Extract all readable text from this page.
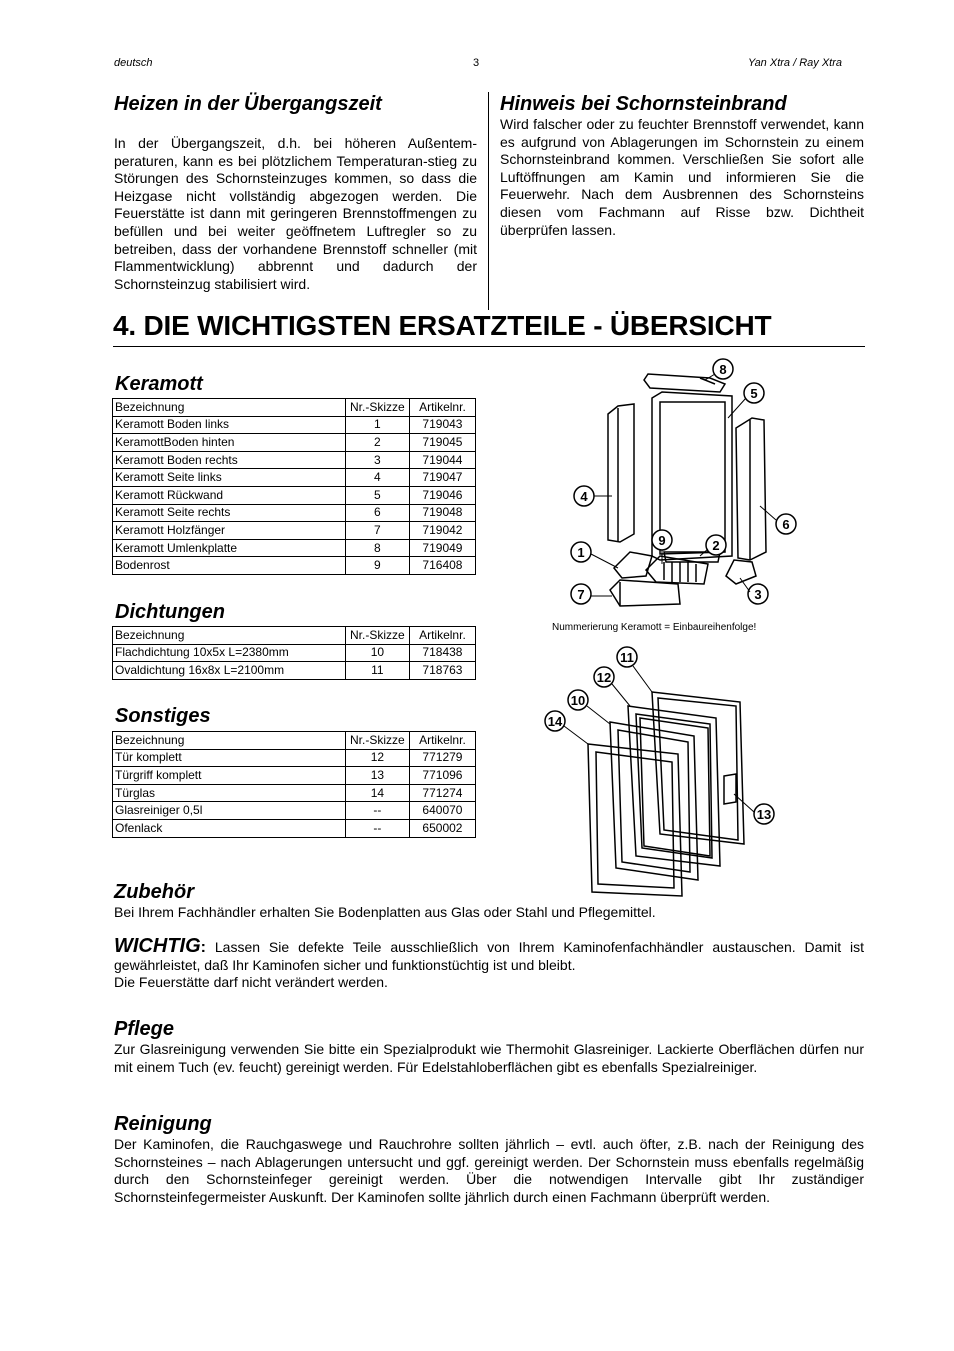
deutsch	3	Yan Xtra / Ray Xtra
Heizen in der Übergangszeit

In der Übergangszeit, d.h. bei höheren Außentem-peraturen, kann es bei plötzlichem Temperaturan-stieg zu Störungen des Schornsteinzuges kommen, so dass die Heizgase nicht vollständig abgezogen werden. Die Feuerstätte ist dann mit geringeren Brennstoffmengen zu befüllen und bei weiter geöffnetem Luftregler so zu betreiben, dass der vorhandene Brennstoff schneller (mit Flammentwicklung) abbrennt und dadurch der Schornsteinzug stabilisiert wird.

Hinweis bei Schornsteinbrand

Wird falscher oder zu feuchter Brennstoff verwendet, kann es aufgrund von Ablagerungen im Schornstein zu einem Schornsteinbrand kommen. Verschließen Sie sofort alle Luftöffnungen am Kamin und informieren Sie die Feuerwehr. Nach dem Ausbrennen des Schornsteins diesen vom Fachmann auf Risse bzw. Dichtheit überprüfen lassen.

4. DIE WICHTIGSTEN ERSATZTEILE - ÜBERSICHT
Keramott
Bezeichnung	Nr.-Skizze	Artikelnr.
Keramott Boden links	1	719043
KeramottBoden hinten	2	719045
Keramott Boden rechts	3	719044
Keramott Seite links	4	719047
Keramott Rückwand	5	719046
Keramott Seite rechts	6	719048
Keramott Holzfänger	7	719042
Keramott Umlenkplatte	8	719049
Bodenrost	9	716408
Dichtungen
Bezeichnung	Nr.-Skizze	Artikelnr.
Flachdichtung 10x5x L=2380mm	10	718438
Ovaldichtung 16x8x L=2100mm	11	718763
Sonstiges
Bezeichnung	Nr.-Skizze	Artikelnr.
Tür komplett	12	771279
Türgriff komplett	13	771096
Türglas	14	771274
Glasreiniger 0,5l	--	640070
Ofenlack	--	650002
8
5
4
6
1
9	2
7	3
Nummerierung Keramott = Einbaureihenfolge!
11
12
10
14
13
Zubehör

Bei Ihrem Fachhändler erhalten Sie Bodenplatten aus Glas oder Stahl und Pflegemittel.

WICHTIG: Lassen Sie defekte Teile ausschließlich von Ihrem Kaminofenfachhändler austauschen. Damit ist gewährleistet, daß Ihr Kaminofen sicher und funktionstüchtig ist und bleibt.

Die Feuerstätte darf nicht verändert werden.

Pflege

Zur Glasreinigung verwenden Sie bitte ein Spezialprodukt wie Thermohit Glasreiniger. Lackierte Oberflächen dürfen nur mit einem Tuch (ev. feucht) gereinigt werden. Für Edelstahloberflächen gibt es ebenfalls Spezialreiniger.

Reinigung

Der Kaminofen, die Rauchgaswege und Rauchrohre sollten jährlich – evtl. auch öfter, z.B. nach der Reinigung des Schornsteines – nach Ablagerungen untersucht und ggf. gereinigt werden. Der Schornstein muss ebenfalls regelmäßig durch den Schornsteinfeger gereinigt werden. Über die notwendigen Intervalle gibt Ihr zuständiger Schornsteinfegermeister Auskunft. Der Kaminofen sollte jährlich durch einen Fachmann überprüft werden.
